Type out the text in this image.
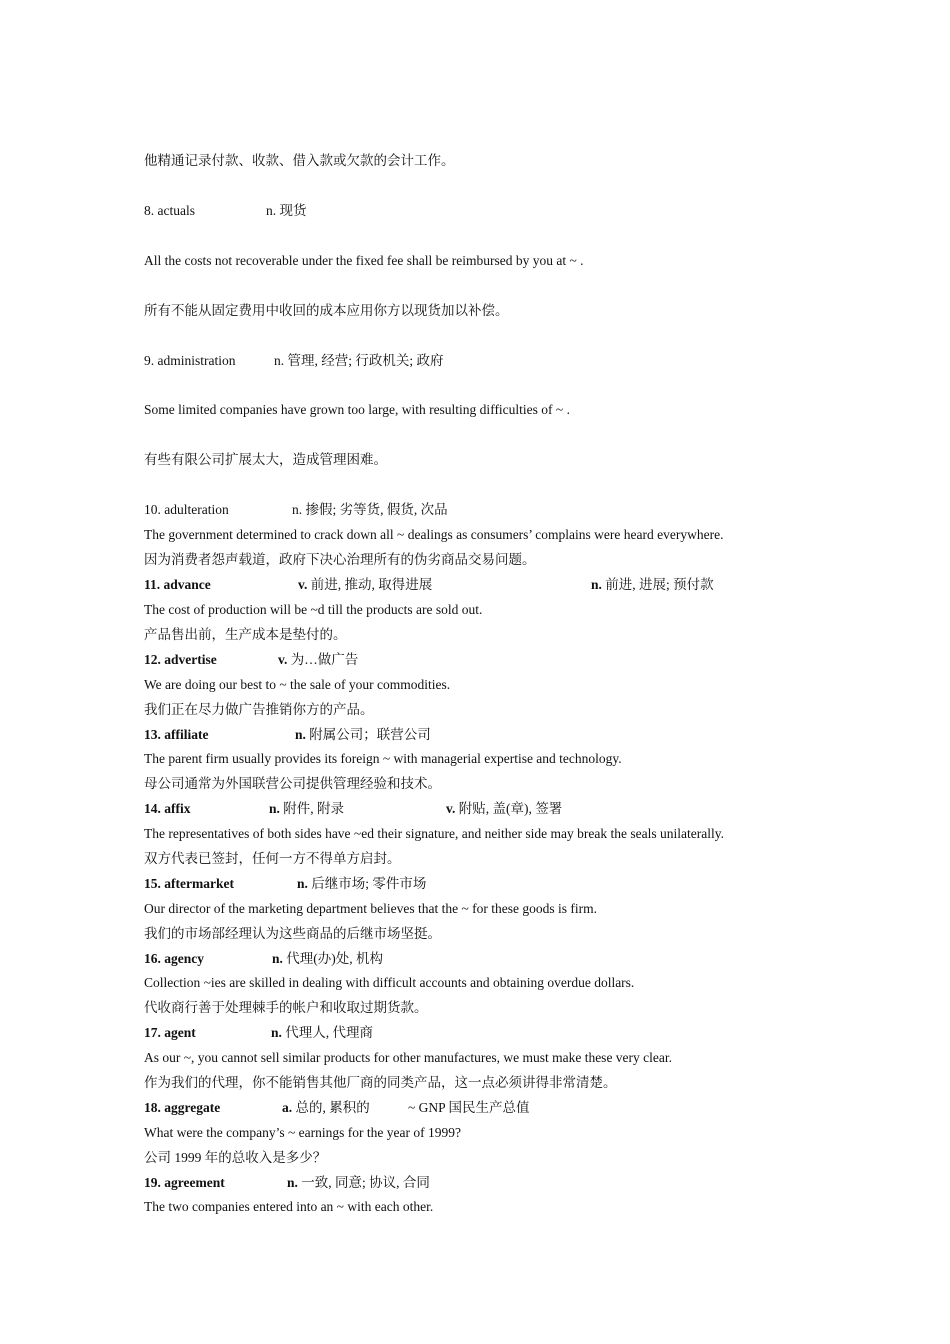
他精通记录付款、收款、借入款或欠款的会计工作。
8. actuals	n. 现货
All the costs not recoverable under the fixed fee shall be reimbursed by you at ~ .
所有不能从固定费用中收回的成本应用你方以现货加以补偿。
9. administration	n. 管理, 经营; 行政机关; 政府
Some limited companies have grown too large, with resulting difficulties of ~ .
有些有限公司扩展太大，造成管理困难。
10. adulteration	n. 掺假; 劣等货, 假货, 次品
The government determined to crack down all ~ dealings as consumers’ complains were heard everywhere.
因为消费者怨声载道，政府下决心治理所有的伪劣商品交易问题。
11. advance	v. 前进, 推动, 取得进展	n. 前进, 进展; 预付款
The cost of production will be ~d till the products are sold out.
产品售出前，生产成本是垫付的。
12. advertise	v. 为…做广告
We are doing our best to ~ the sale of your commodities.
我们正在尽力做广告推销你方的产品。
13. affiliate	n. 附属公司；联营公司
The parent firm usually provides its foreign ~ with managerial expertise and technology.
母公司通常为外国联营公司提供管理经验和技术。
14. affix	n. 附件, 附录	v. 附贴, 盖(章), 签署
The representatives of both sides have ~ed their signature, and neither side may break the seals unilaterally.
双方代表已签封，任何一方不得单方启封。
15. aftermarket	n. 后继市场; 零件市场
Our director of the marketing department believes that the ~ for these goods is firm.
我们的市场部经理认为这些商品的后继市场坚挺。
16. agency	n. 代理(办)处, 机构
Collection ~ies are skilled in dealing with difficult accounts and obtaining overdue dollars.
代收商行善于处理棘手的帐户和收取过期货款。
17. agent	n. 代理人, 代理商
As our ~, you cannot sell similar products for other manufactures, we must make these very clear.
作为我们的代理，你不能销售其他厂商的同类产品，这一点必须讲得非常清楚。
18. aggregate	a. 总的, 累积的	~ GNP 国民生产总值
What were the company’s ~ earnings for the year of 1999?
公司 1999 年的总收入是多少？
19. agreement	n. 一致, 同意; 协议, 合同
The two companies entered into an ~ with each other.
